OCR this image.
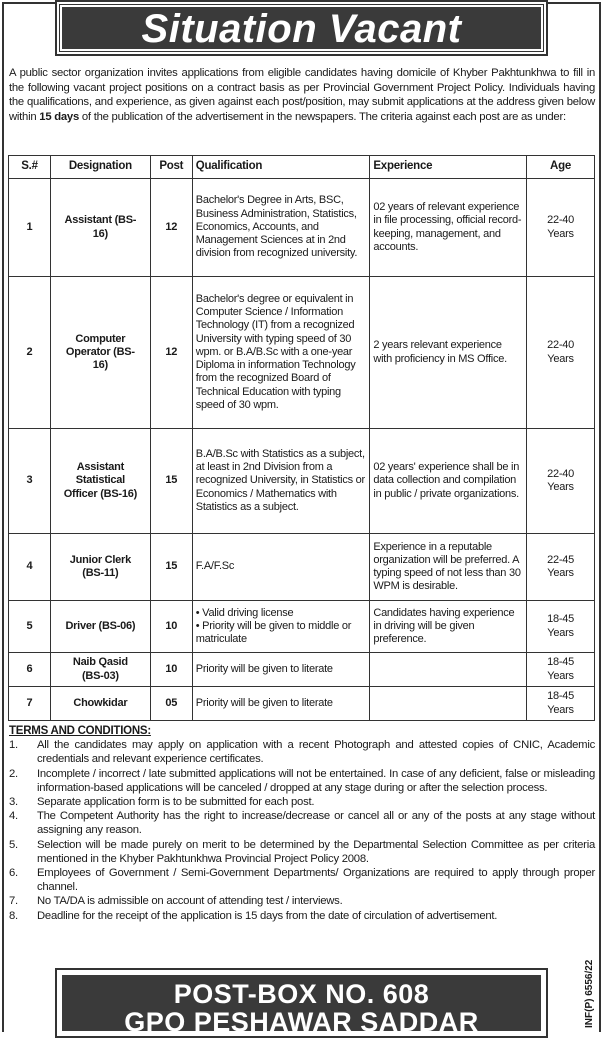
Situation Vacant

A public sector organization invites applications from eligible candidates having domicile of Khyber Pakhtunkhwa to fill in the following vacant project positions on a contract basis as per Provincial Government Project Policy. Individuals having the qualifications, and experience, as given against each post/position, may submit applications at the address given below within 15 days of the publication of the advertisement in the newspapers. The criteria against each post are as under:

S.#	Designation	Post	Qualification	Experience	Age
1	Assistant (BS-16)	12	Bachelor's Degree in Arts, BSC, Business Administration, Statistics, Economics, Accounts, and Management Sciences at in 2nd division from recognized university.	02 years of relevant experience in file processing, official record-keeping, management, and accounts.	22-40 Years
2	Computer Operator (BS-16)	12	Bachelor's degree or equivalent in Computer Science / Information Technology (IT) from a recognized University with typing speed of 30 wpm. or B.A/B.Sc with a one-year Diploma in information Technology from the recognized Board of Technical Education with typing speed of 30 wpm.	2 years relevant experience with proficiency in MS Office.	22-40 Years
3	Assistant Statistical Officer (BS-16)	15	B.A/B.Sc with Statistics as a subject, at least in 2nd Division from a recognized University, in Statistics or Economics / Mathematics with Statistics as a subject.	02 years' experience shall be in data collection and compilation in public / private organizations.	22-40 Years
4	Junior Clerk (BS-11)	15	F.A/F.Sc	Experience in a reputable organization will be preferred. A typing speed of not less than 30 WPM is desirable.	22-45 Years
5	Driver (BS-06)	10	• Valid driving license
• Priority will be given to middle or matriculate	Candidates having experience in driving will be given preference.	18-45 Years
6	Naib Qasid (BS-03)	10	Priority will be given to literate		18-45 Years
7	Chowkidar	05	Priority will be given to literate		18-45 Years
TERMS AND CONDITIONS:
1.	All the candidates may apply on application with a recent Photograph and attested copies of CNIC, Academic credentials and relevant experience certificates.
2.	Incomplete / incorrect / late submitted applications will not be entertained. In case of any deficient, false or misleading information-based applications will be canceled / dropped at any stage during or after the selection process.
3.	Separate application form is to be submitted for each post.
4.	The Competent Authority has the right to increase/decrease or cancel all or any of the posts at any stage without assigning any reason.
5.	Selection will be made purely on merit to be determined by the Departmental Selection Committee as per criteria mentioned in the Khyber Pakhtunkhwa Provincial Project Policy 2008.
6.	Employees of Government / Semi-Government Departments/ Organizations are required to apply through proper channel.
7.	No TA/DA is admissible on account of attending test / interviews.
8.	Deadline for the receipt of the application is 15 days from the date of circulation of advertisement.
POST-BOX NO. 608
GPO PESHAWAR SADDAR	INF(P) 6556/22
